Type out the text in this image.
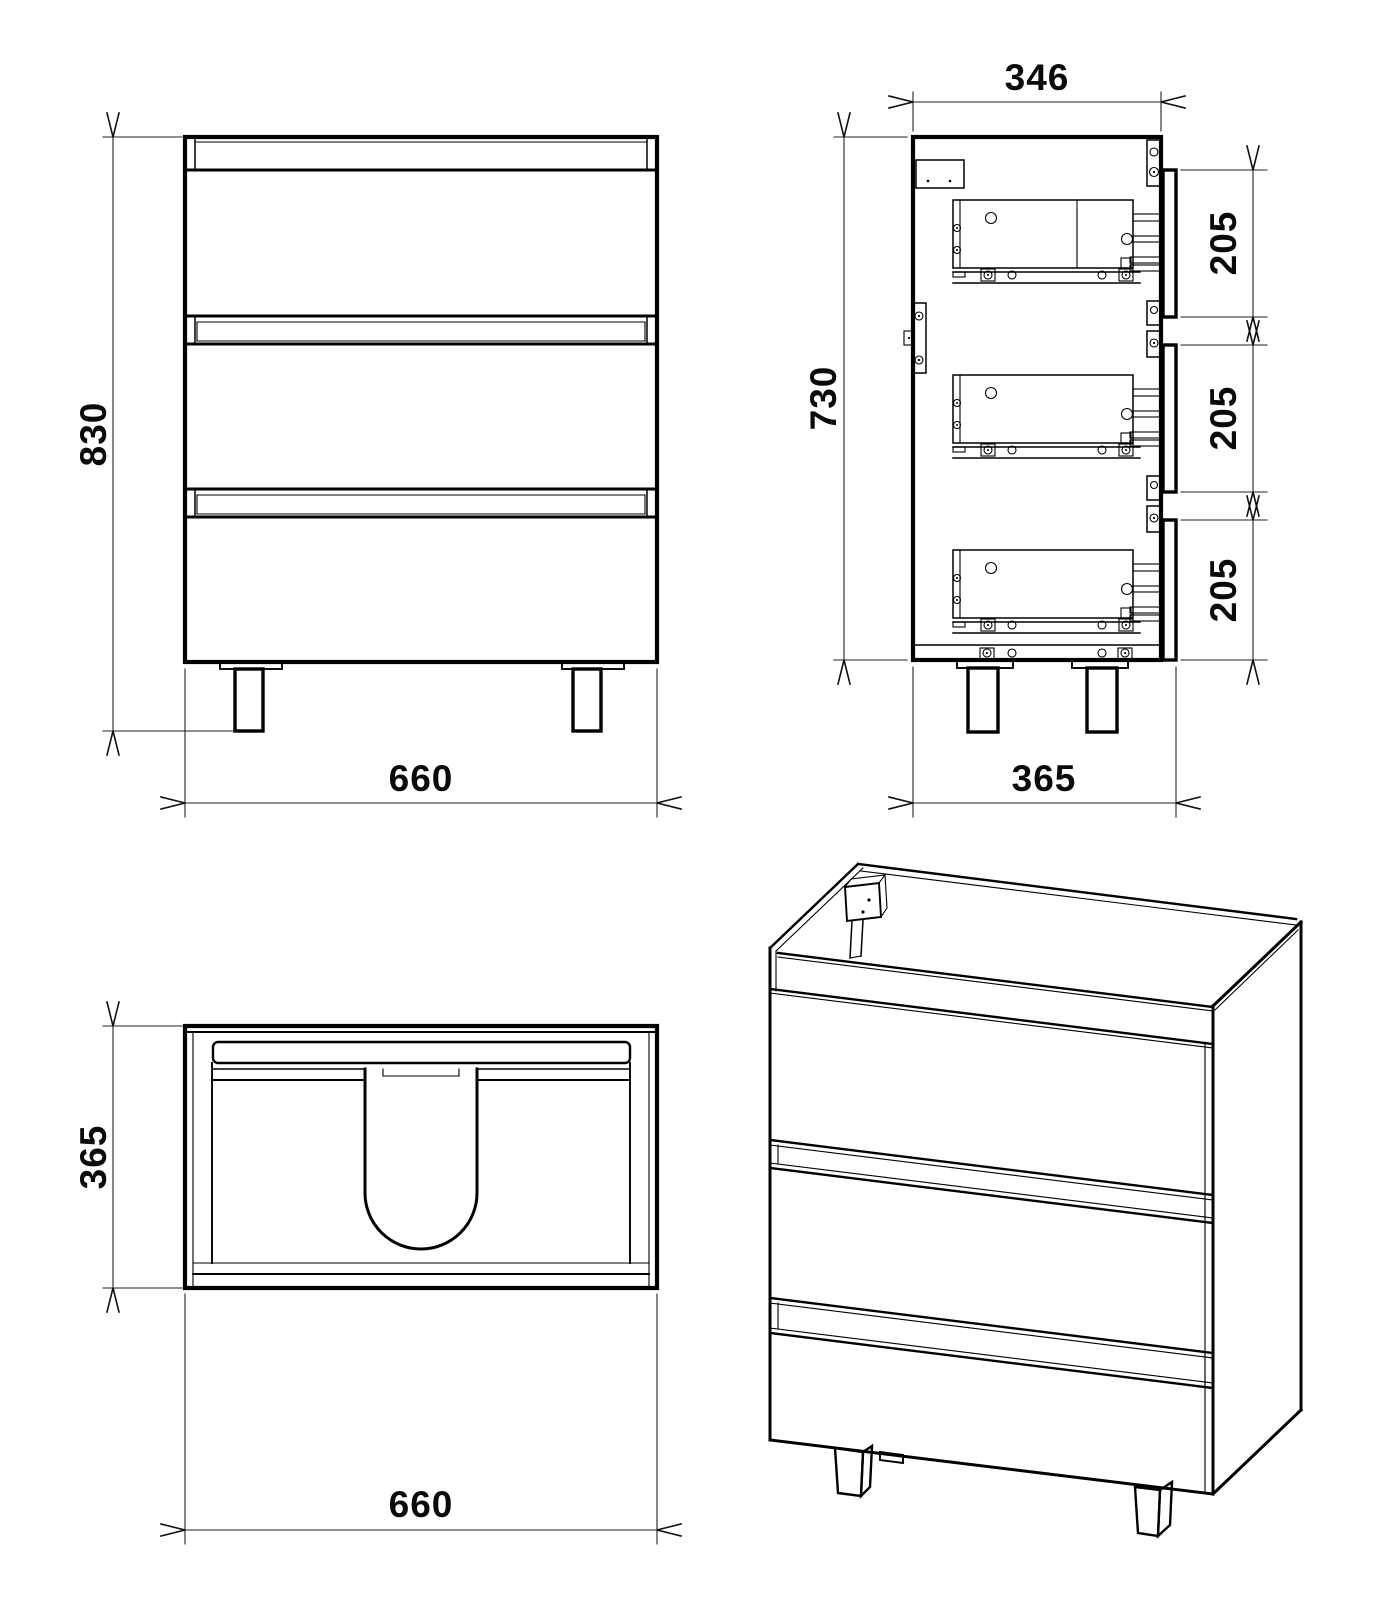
830
660
346
730
365
205
205
205
365
660
